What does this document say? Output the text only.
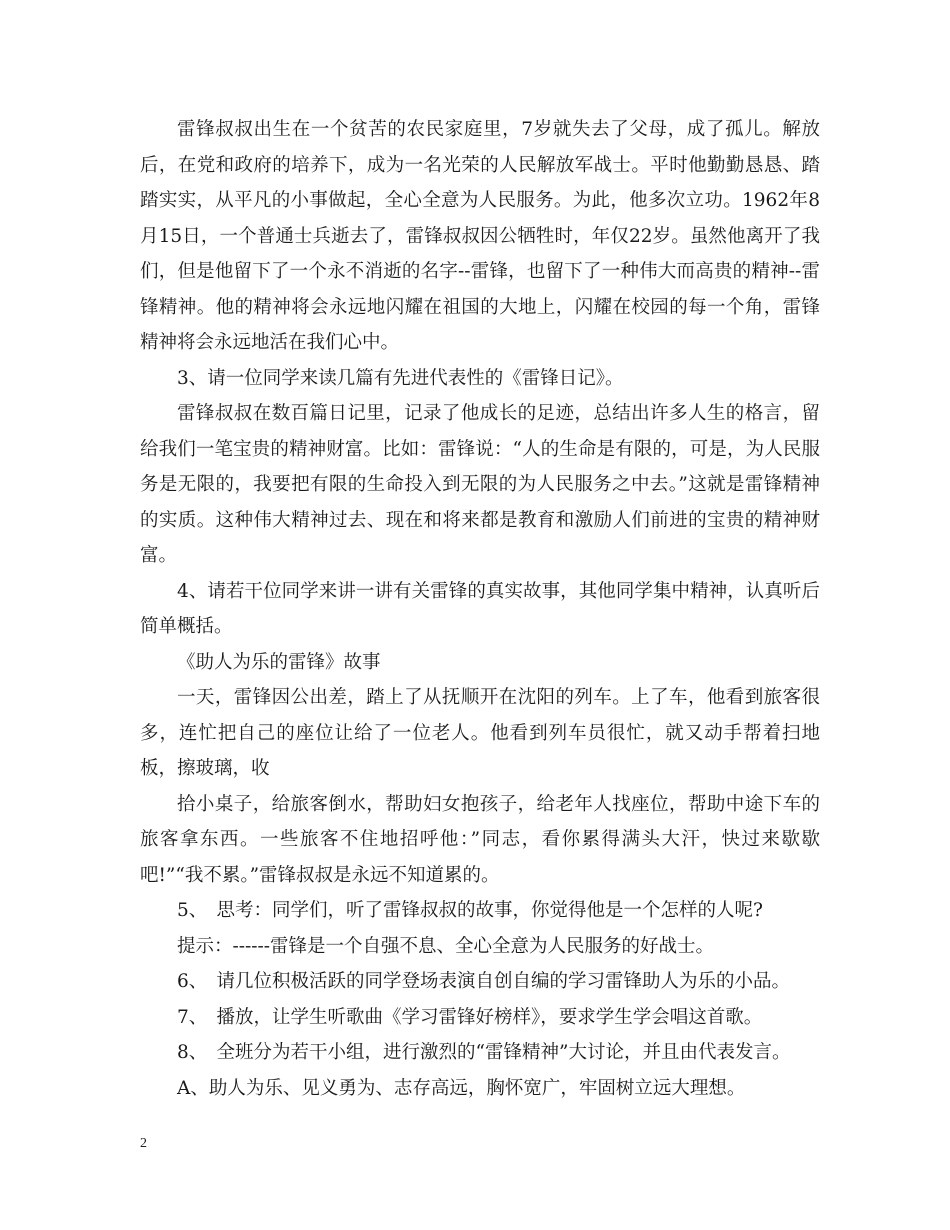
雷锋叔叔出生在一个贫苦的农民家庭里，7岁就失去了父母，成了孤儿。解放后，在党和政府的培养下，成为一名光荣的人民解放军战士。平时他勤勤恳恳、踏踏实实，从平凡的小事做起，全心全意为人民服务。为此，他多次立功。1962年8月15日，一个普通士兵逝去了，雷锋叔叔因公牺牲时，年仅22岁。虽然他离开了我们，但是他留下了一个永不消逝的名字--雷锋，也留下了一种伟大而高贵的精神--雷锋精神。他的精神将会永远地闪耀在祖国的大地上，闪耀在校园的每一个角，雷锋精神将会永远地活在我们心中。

3、请一位同学来读几篇有先进代表性的《雷锋日记》。

雷锋叔叔在数百篇日记里，记录了他成长的足迹，总结出许多人生的格言，留给我们一笔宝贵的精神财富。比如：雷锋说：“人的生命是有限的，可是，为人民服务是无限的，我要把有限的生命投入到无限的为人民服务之中去。”这就是雷锋精神的实质。这种伟大精神过去、现在和将来都是教育和激励人们前进的宝贵的精神财富。

4、请若干位同学来讲一讲有关雷锋的真实故事，其他同学集中精神，认真听后简单概括。

《助人为乐的雷锋》故事

一天，雷锋因公出差，踏上了从抚顺开在沈阳的列车。上了车，他看到旅客很多，连忙把自己的座位让给了一位老人。他看到列车员很忙，就又动手帮着扫地板，擦玻璃，收

拾小桌子，给旅客倒水，帮助妇女抱孩子，给老年人找座位，帮助中途下车的旅客拿东西。一些旅客不住地招呼他：”同志，看你累得满头大汗，快过来歇歇吧!”“我不累。”雷锋叔叔是永远不知道累的。

5、　思考：同学们，听了雷锋叔叔的故事，你觉得他是一个怎样的人呢?

提示：------雷锋是一个自强不息、全心全意为人民服务的好战士。

6、　请几位积极活跃的同学登场表演自创自编的学习雷锋助人为乐的小品。

7、　播放，让学生听歌曲《学习雷锋好榜样》，要求学生学会唱这首歌。

8、　全班分为若干小组，进行激烈的“雷锋精神”大讨论，并且由代表发言。

A、助人为乐、见义勇为、志存高远，胸怀宽广，牢固树立远大理想。

2
